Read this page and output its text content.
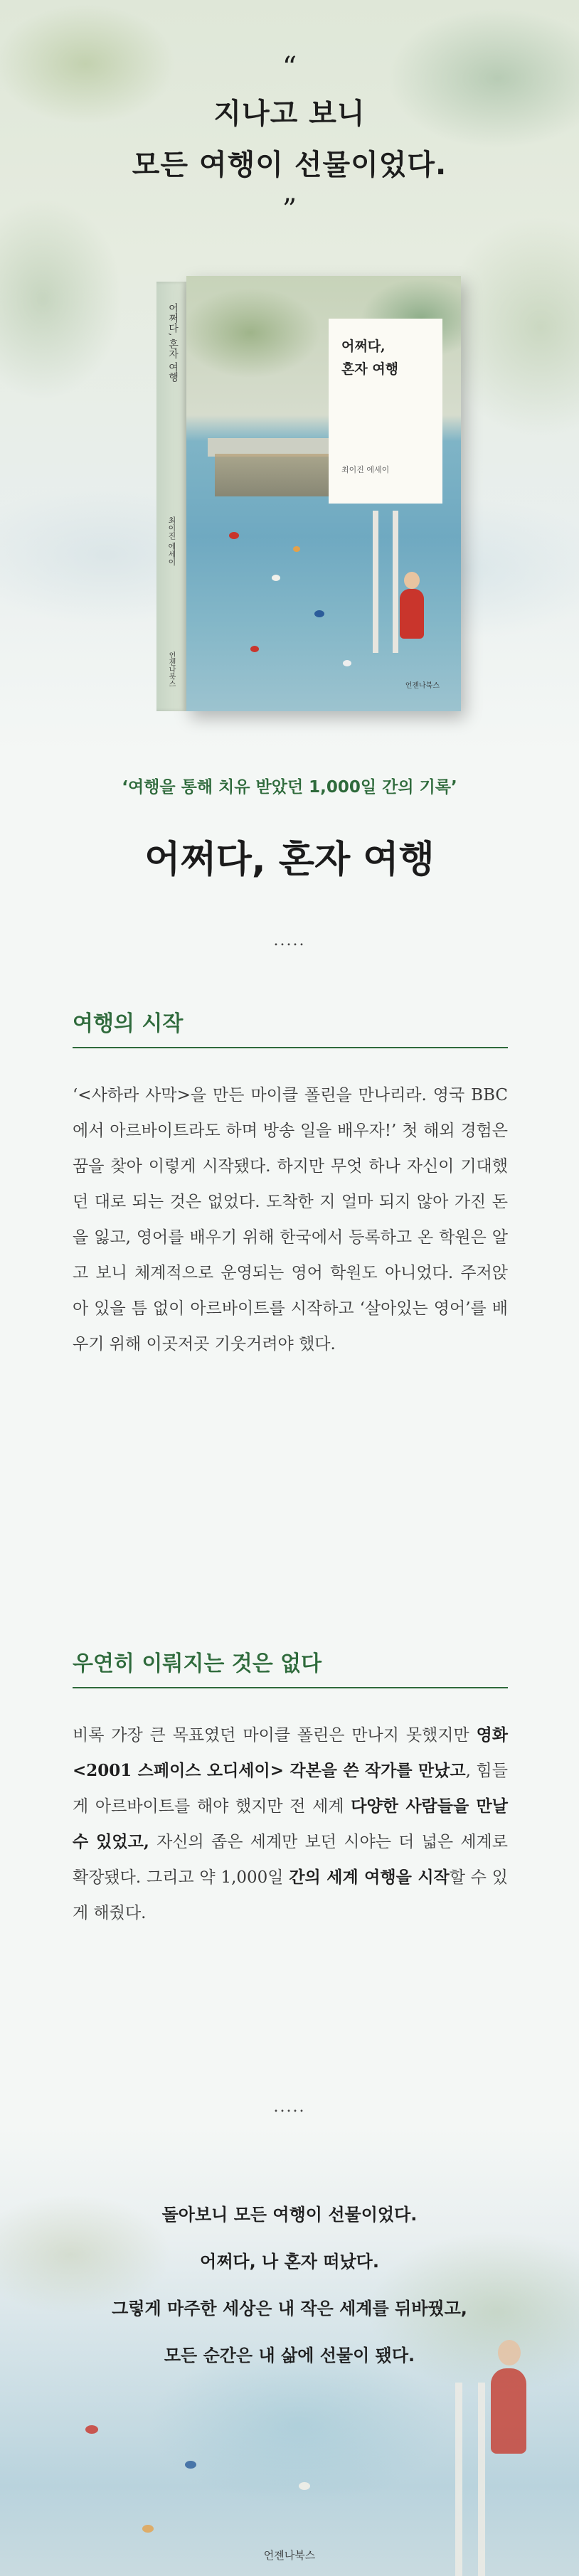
“
지나고 보니
모든 여행이 선물이었다.
”
어쩌다, 혼자 여행
최이진 에세이
언젠나북스
어쩌다,
혼자 여행
최이진 에세이
언젠나북스
‘여행을 통해 치유 받았던 1,000일 간의 기록’
어쩌다, 혼자 여행
.....
여행의 시작

‘<사하라 사막>을 만든 마이클 폴린을 만나리라. 영국 BBC에서 아르바이트라도 하며 방송 일을 배우자!’ 첫 해외 경험은 꿈을 찾아 이렇게 시작됐다. 하지만 무엇 하나 자신이 기대했던 대로 되는 것은 없었다. 도착한 지 얼마 되지 않아 가진 돈을 잃고, 영어를 배우기 위해 한국에서 등록하고 온 학원은 알고 보니 체계적으로 운영되는 영어 학원도 아니었다. 주저앉아 있을 틈 없이 아르바이트를 시작하고 ‘살아있는 영어’를 배우기 위해 이곳저곳 기웃거려야 했다.

우연히 이뤄지는 것은 없다

비록 가장 큰 목표였던 마이클 폴린은 만나지 못했지만 영화 <2001 스페이스 오디세이> 각본을 쓴 작가를 만났고, 힘들게 아르바이트를 해야 했지만 전 세계 다양한 사람들을 만날 수 있었고, 자신의 좁은 세계만 보던 시야는 더 넓은 세계로 확장됐다. 그리고 약 1,000일 간의 세계 여행을 시작할 수 있게 해줬다.

.....
돌아보니 모든 여행이 선물이었다.
어쩌다, 나 혼자 떠났다.
그렇게 마주한 세상은 내 작은 세계를 뒤바꿨고,
모든 순간은 내 삶에 선물이 됐다.
언젠나북스
